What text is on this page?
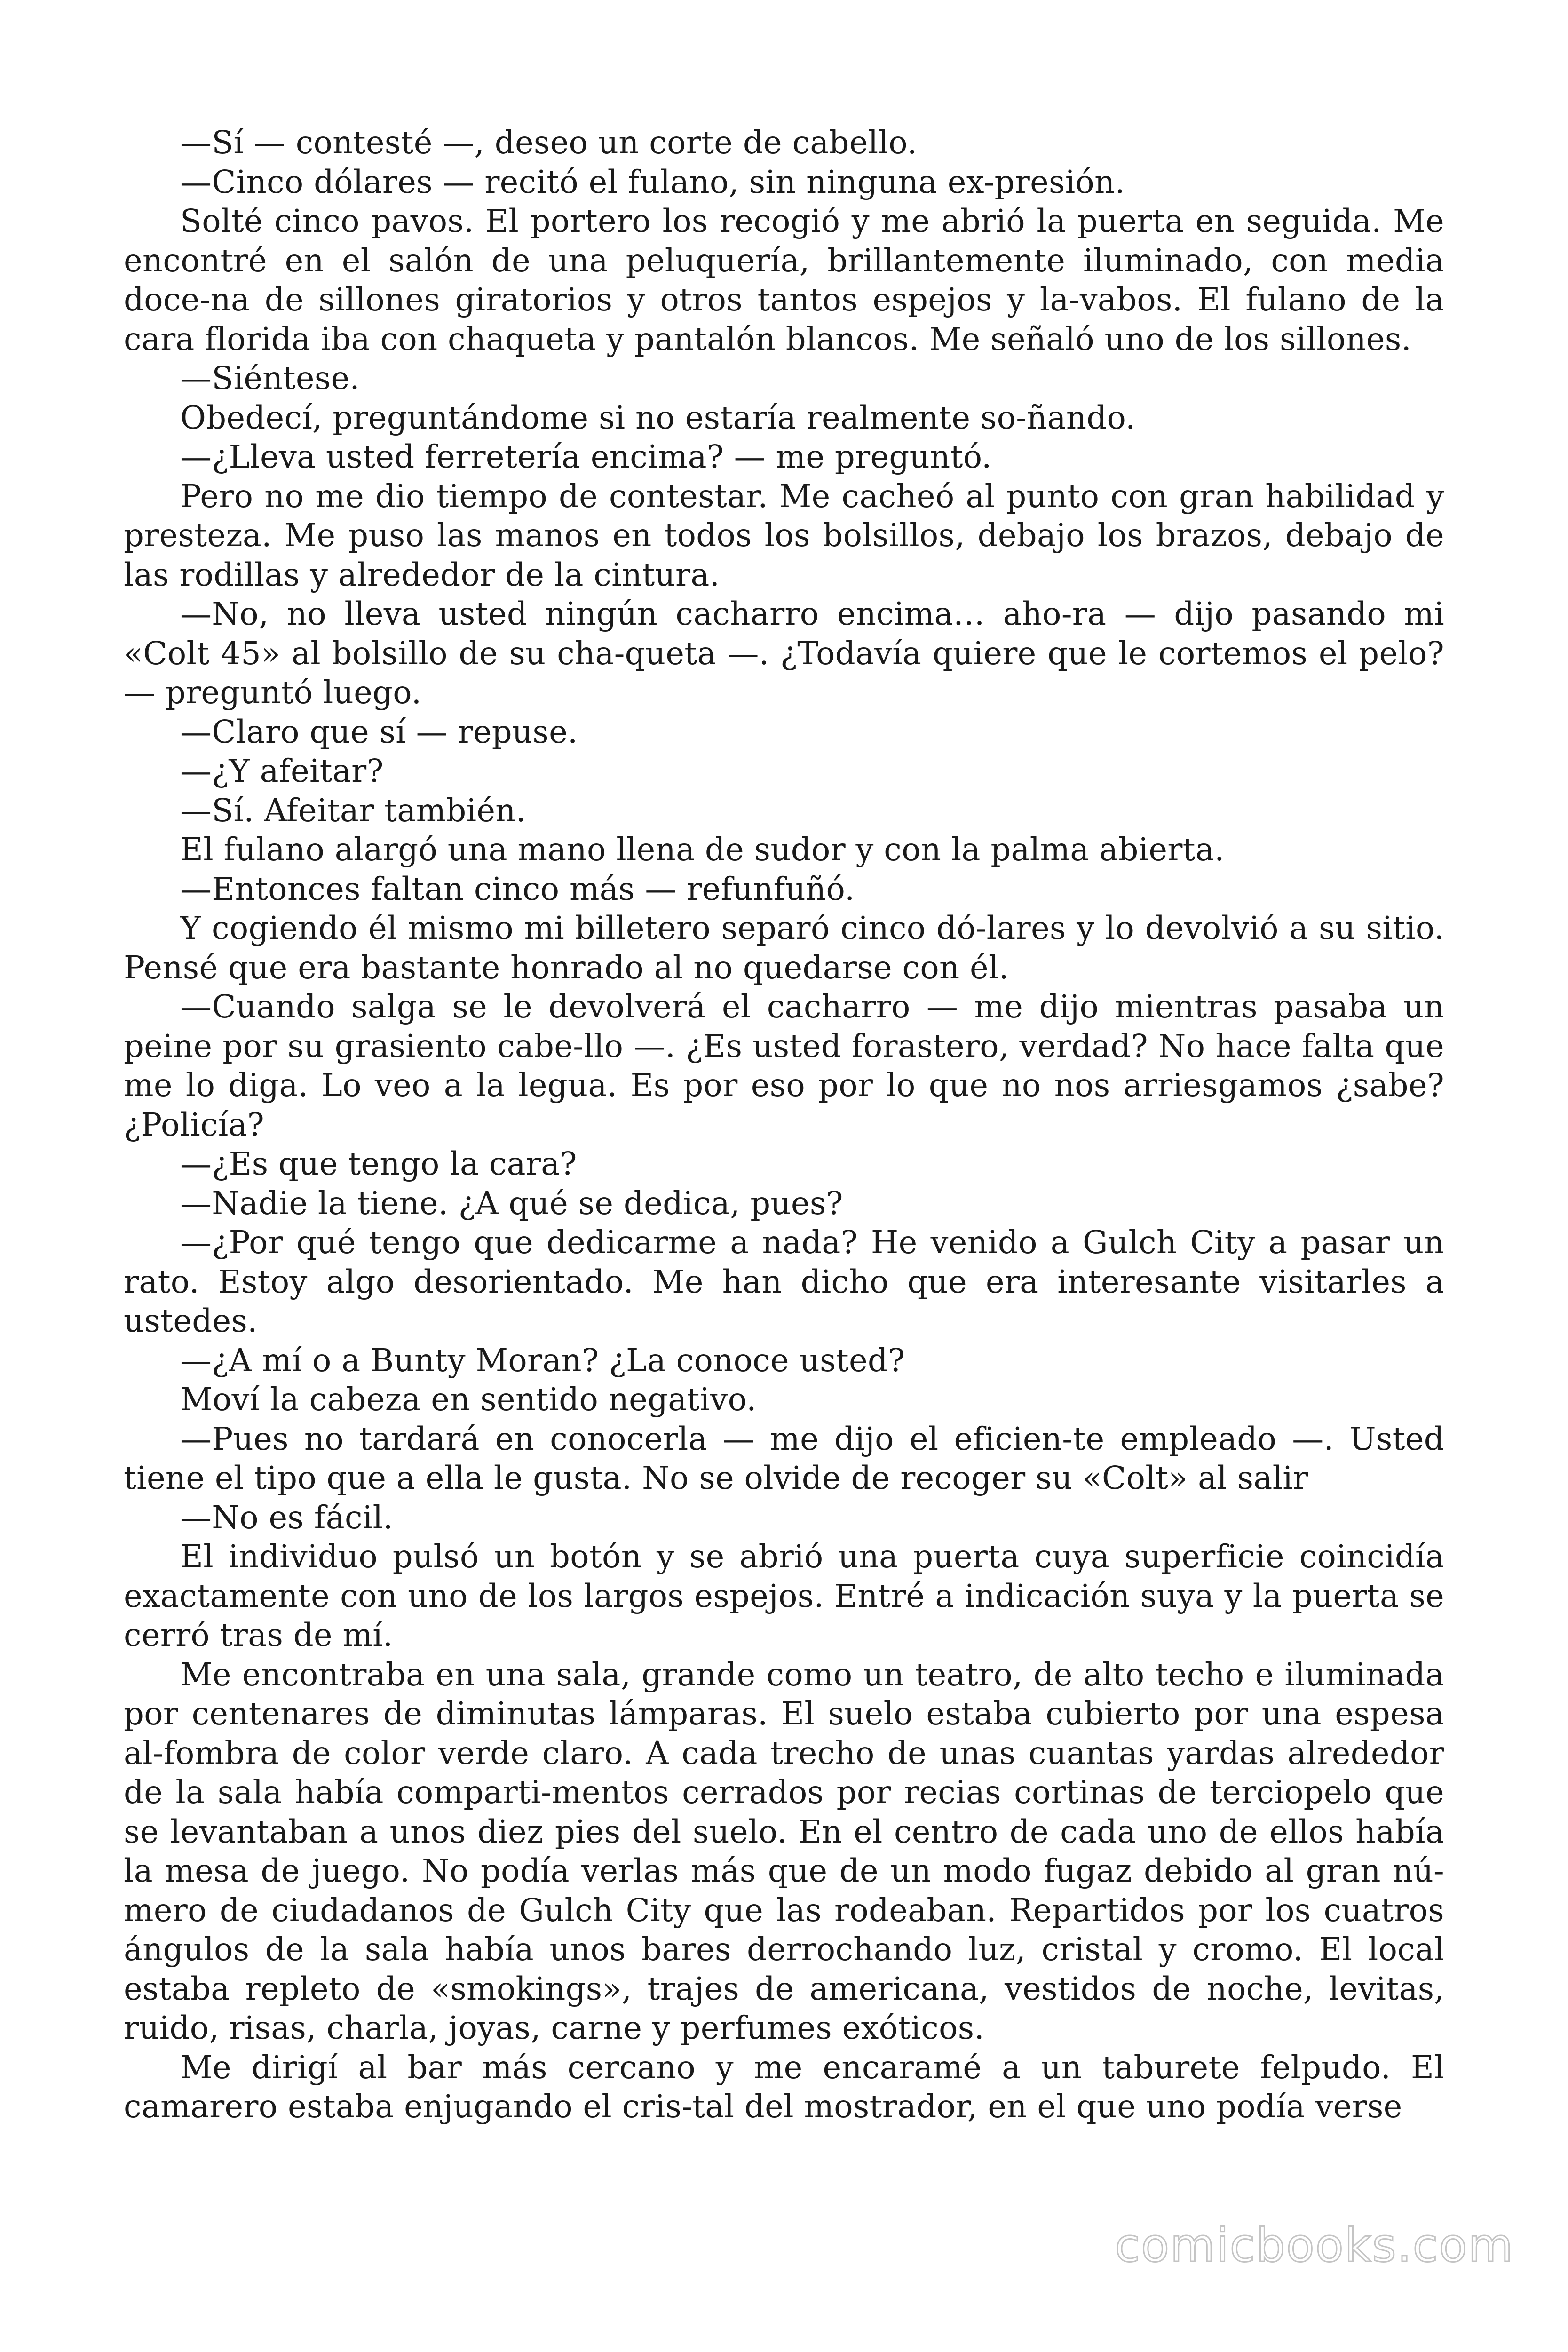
—Sí — contesté —, deseo un corte de cabello.

—Cinco dólares — recitó el fulano, sin ninguna ex-presión.

Solté cinco pavos. El portero los recogió y me abrió la puerta en seguida. Me encontré en el salón de una peluquería, brillantemente iluminado, con media doce-na de sillones giratorios y otros tantos espejos y la-vabos. El fulano de la cara florida iba con chaqueta y pantalón blancos. Me señaló uno de los sillones.

—Siéntese.

Obedecí, preguntándome si no estaría realmente so-ñando.

—¿Lleva usted ferretería encima? — me preguntó.

Pero no me dio tiempo de contestar. Me cacheó al punto con gran habilidad y presteza. Me puso las manos en todos los bolsillos, debajo los brazos, debajo de las rodillas y alrededor de la cintura.

—No, no lleva usted ningún cacharro encima… aho-ra — dijo pasando mi «Colt 45» al bolsillo de su cha-queta —. ¿Todavía quiere que le cortemos el pelo? — preguntó luego.

—Claro que sí — repuse.

—¿Y afeitar?

—Sí. Afeitar también.

El fulano alargó una mano llena de sudor y con la palma abierta.

—Entonces faltan cinco más — refunfuñó.

Y cogiendo él mismo mi billetero separó cinco dó-lares y lo devolvió a su sitio. Pensé que era bastante honrado al no quedarse con él.

—Cuando salga se le devolverá el cacharro — me dijo mientras pasaba un peine por su grasiento cabe-llo —. ¿Es usted forastero, verdad? No hace falta que me lo diga. Lo veo a la legua. Es por eso por lo que no nos arriesgamos ¿sabe? ¿Policía?

—¿Es que tengo la cara?

—Nadie la tiene. ¿A qué se dedica, pues?

—¿Por qué tengo que dedicarme a nada? He venido a Gulch City a pasar un rato. Estoy algo desorientado. Me han dicho que era interesante visitarles a ustedes.

—¿A mí o a Bunty Moran? ¿La conoce usted?

Moví la cabeza en sentido negativo.

—Pues no tardará en conocerla — me dijo el eficien-te empleado —. Usted tiene el tipo que a ella le gusta. No se olvide de recoger su «Colt» al salir

—No es fácil.

El individuo pulsó un botón y se abrió una puerta cuya superficie coincidía exactamente con uno de los largos espejos. Entré a indicación suya y la puerta se cerró tras de mí.

Me encontraba en una sala, grande como un teatro, de alto techo e iluminada por centenares de diminutas lámparas. El suelo estaba cubierto por una espesa al-fombra de color verde claro. A cada trecho de unas cuantas yardas alrededor de la sala había comparti-mentos cerrados por recias cortinas de terciopelo que se levantaban a unos diez pies del suelo. En el centro de cada uno de ellos había la mesa de juego. No podía verlas más que de un modo fugaz debido al gran nú-mero de ciudadanos de Gulch City que las rodeaban. Repartidos por los cuatros ángulos de la sala había unos bares derrochando luz, cristal y cromo. El local estaba repleto de «smokings», trajes de americana, vestidos de noche, levitas, ruido, risas, charla, joyas, carne y perfumes exóticos.

Me dirigí al bar más cercano y me encaramé a un taburete felpudo. El camarero estaba enjugando el cris-tal del mostrador, en el que uno podía verse

comicbooks.com
